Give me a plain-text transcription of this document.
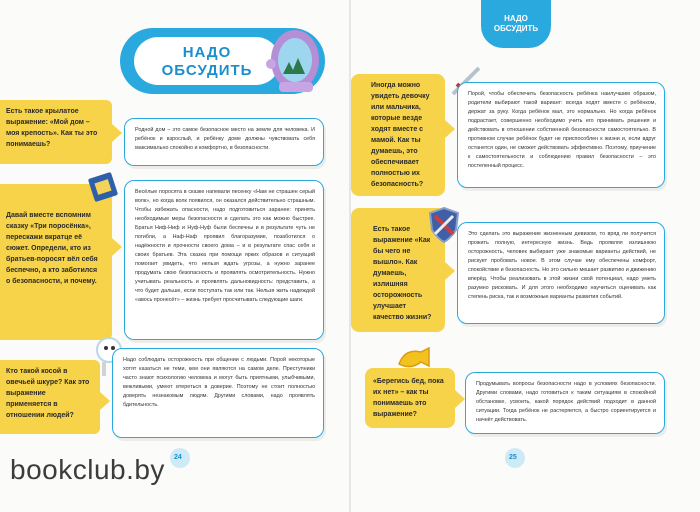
НАДО
ОБСУДИТЬ
Есть такое крылатое выражение: «Мой дом – моя крепость». Как ты это понимаешь?
Родной дом – это самое безопасное место на земле для человека. И ребёнок и взрослый, и ребёнку доме должны чувствовать себя максимально спокойно и комфортно, в безопасности.
Давай вместе вспомним сказку «Три поросёнка», перескажи вкратце её сюжет. Определи, кто из братьев-поросят вёл себя беспечно, а кто заботился о безопасности, и почему.
Весёлые поросята в сказке напевали песенку «Нам не страшен серый волк», но когда волк появился, он оказался действительно страшным. Чтобы избежать опасности, надо подготовиться заранее: принять необходимые меры безопасности и сделать это как можно быстрее. Братья Ниф-Ниф и Нуф-Нуф были беспечны и в результате чуть не погибли, а Наф-Наф проявил благоразумие, позаботился о надёжности и прочности своего дома – и в результате спас себя и своих братьев. Эта сказка при помощи ярких образов и ситуаций помогает увидеть, что нельзя ждать угрозы, а нужно заранее продумать свою безопасность и проявлять осмотрительность. Нужно учитывать реальность и проявлять дальновидность: представить, а что будет дальше, если поступать так или так. Нельзя жить надеждой «авось пронесёт» – жизнь требует просчитывать следующие шаги.
Кто такой косой в овечьей шкуре? Как это выражение применяется в отношении людей?
Надо соблюдать осторожность при общении с людьми. Порой некоторые хотят казаться не теми, кем они являются на самом деле. Преступники часто знают психологию человека и могут быть приятными, улыбчивыми, вежливыми, умеют втереться в доверие. Поэтому не стоит полностью доверять незнакомым людям. Другими словами, надо проявлять бдительность.
24
НАДО
ОБСУДИТЬ
Иногда можно увидеть девочку или мальчика, которые везде ходят вместе с мамой. Как ты думаешь, это обеспечивает полностью их безопасность?
Порой, чтобы обеспечить безопасность ребёнка наилучшим образом, родители выбирают такой вариант: всегда ходят вместе с ребёнком, держат за руку. Когда ребёнок мал, это нормально. Но когда ребёнок подрастает, совершенно необходимо учить его принимать решения и действовать в отношении собственной безопасности самостоятельно. В противном случае ребёнок будет не приспособлен к жизни и, если вдруг останется один, не сможет действовать эффективно. Поэтому, приучение к самостоятельности и соблюдению правил безопасности – это постепенный процесс.
Есть такое выражение «Как бы чего не вышло». Как думаешь, излишняя осторожность улучшает качество жизни?
Это сделать это выражение жизненным девизом, то вряд ли получится прожить полную, интересную жизнь. Ведь проявляя излишнюю осторожность, человек выбирает уже знакомые варианты действий, не рискует пробовать новое. В этом случае ему обеспечены комфорт, спокойствие и безопасность. Но это сильно мешает развитию и движению вперёд. Чтобы реализовать в этой жизни свой потенциал, надо уметь разумно рисковать. И для этого необходимо научиться оценивать как степень риска, так и возможные варианты развития событий.
«Берегись бед, пока их нет» – как ты понимаешь это выражение?
Продумывать вопросы безопасности надо в условиях безопасности. Другими словами, надо готовиться к таким ситуациям в спокойной обстановке, усвоить, какой порядок действий подходит в данной ситуации. Тогда ребёнок не растеряется, а быстро сориентируется и начнёт действовать.
25
bookclub.by
